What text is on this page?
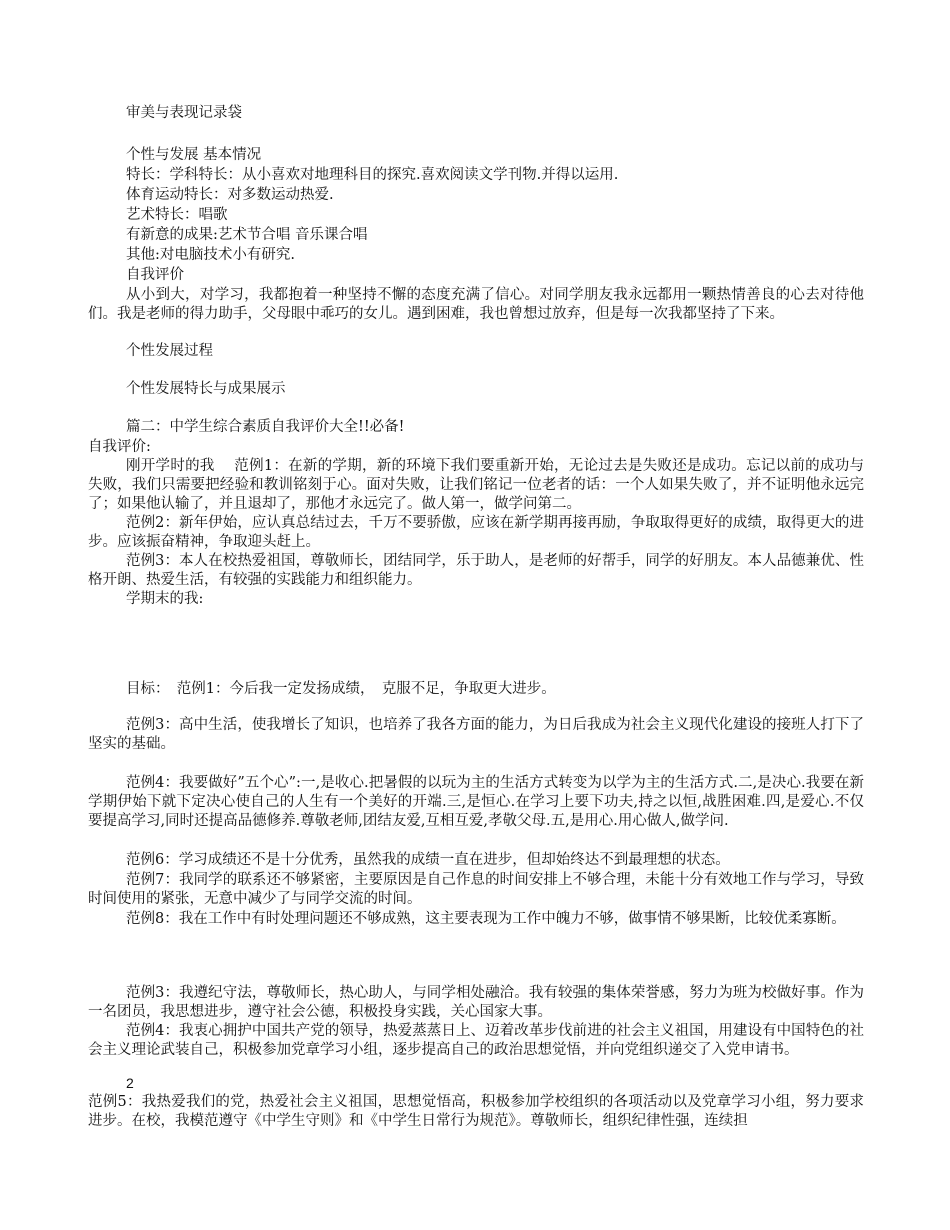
审美与表现记录袋
个性与发展 基本情况
特长：学科特长：从小喜欢对地理科目的探究.喜欢阅读文学刊物.并得以运用.
体育运动特长：对多数运动热爱.
艺术特长：唱歌
有新意的成果:艺术节合唱 音乐课合唱
其他:对电脑技术小有研究.
自我评价
从小到大，对学习，我都抱着一种坚持不懈的态度充满了信心。对同学朋友我永远都用一颗热情善良的心去对待他们。我是老师的得力助手，父母眼中乖巧的女儿。遇到困难，我也曾想过放弃，但是每一次我都坚持了下来。
个性发展过程
个性发展特长与成果展示
篇二：中学生综合素质自我评价大全!!必备!
自我评价:
刚开学时的我　 范例1：在新的学期，新的环境下我们要重新开始，无论过去是失败还是成功。忘记以前的成功与失败，我们只需要把经验和教训铭刻于心。面对失败，让我们铭记一位老者的话：一个人如果失败了，并不证明他永远完了；如果他认输了，并且退却了，那他才永远完了。做人第一，做学问第二。
范例2：新年伊始，应认真总结过去，千万不要骄傲，应该在新学期再接再励，争取取得更好的成绩，取得更大的进步。应该振奋精神，争取迎头赶上。
范例3：本人在校热爱祖国，尊敬师长，团结同学，乐于助人，是老师的好帮手，同学的好朋友。本人品德兼优、性格开朗、热爱生活，有较强的实践能力和组织能力。
学期末的我:
目标：　范例1：今后我一定发扬成绩，　克服不足，争取更大进步。
范例3：高中生活，使我增长了知识，也培养了我各方面的能力，为日后我成为社会主义现代化建设的接班人打下了坚实的基础。
范例4：我要做好”五个心”:一,是收心.把暑假的以玩为主的生活方式转变为以学为主的生活方式.二,是决心.我要在新学期伊始下就下定决心使自己的人生有一个美好的开端.三,是恒心.在学习上要下功夫,持之以恒,战胜困难.四,是爱心.不仅要提高学习,同时还提高品德修养.尊敬老师,团结友爱,互相互爱,孝敬父母.五,是用心.用心做人,做学问.
范例6：学习成绩还不是十分优秀，虽然我的成绩一直在进步，但却始终达不到最理想的状态。
范例7：我同学的联系还不够紧密，主要原因是自己作息的时间安排上不够合理，未能十分有效地工作与学习，导致时间使用的紧张，无意中减少了与同学交流的时间。
范例8：我在工作中有时处理问题还不够成熟，这主要表现为工作中魄力不够，做事情不够果断，比较优柔寡断。
范例3：我遵纪守法，尊敬师长，热心助人，与同学相处融洽。我有较强的集体荣誉感，努力为班为校做好事。作为一名团员，我思想进步，遵守社会公德，积极投身实践，关心国家大事。
范例4：我衷心拥护中国共产党的领导，热爱蒸蒸日上、迈着改革步伐前进的社会主义祖国，用建设有中国特色的社会主义理论武装自己，积极参加党章学习小组，逐步提高自己的政治思想觉悟，并向党组织递交了入党申请书。
2
范例5：我热爱我们的党，热爱社会主义祖国，思想觉悟高，积极参加学校组织的各项活动以及党章学习小组，努力要求进步。在校，我模范遵守《中学生守则》和《中学生日常行为规范》。尊敬师长，组织纪律性强，连续担
